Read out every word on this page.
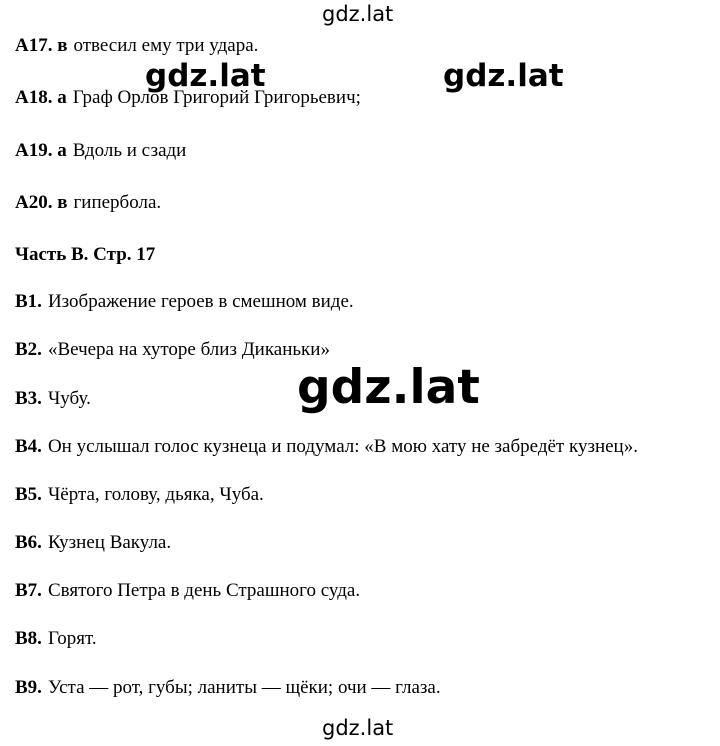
gdz.lat
А17. в отвесил ему три удара.
gdz.lat	gdz.lat
А18. а Граф Орлов Григорий Григорьевич;
А19. а Вдоль и сзади
А20. в гипербола.
Часть В. Стр. 17
В1. Изображение героев в смешном виде.
В2. «Вечера на хуторе близ Диканьки»
gdz.lat
В3. Чубу.
В4. Он услышал голос кузнеца и подумал: «В мою хату не забредёт кузнец».
В5. Чёрта, голову, дьяка, Чуба.
В6. Кузнец Вакула.
В7. Святого Петра в день Страшного суда.
В8. Горят.
В9. Уста — рот, губы; ланиты — щёки; очи — глаза.
gdz.lat
